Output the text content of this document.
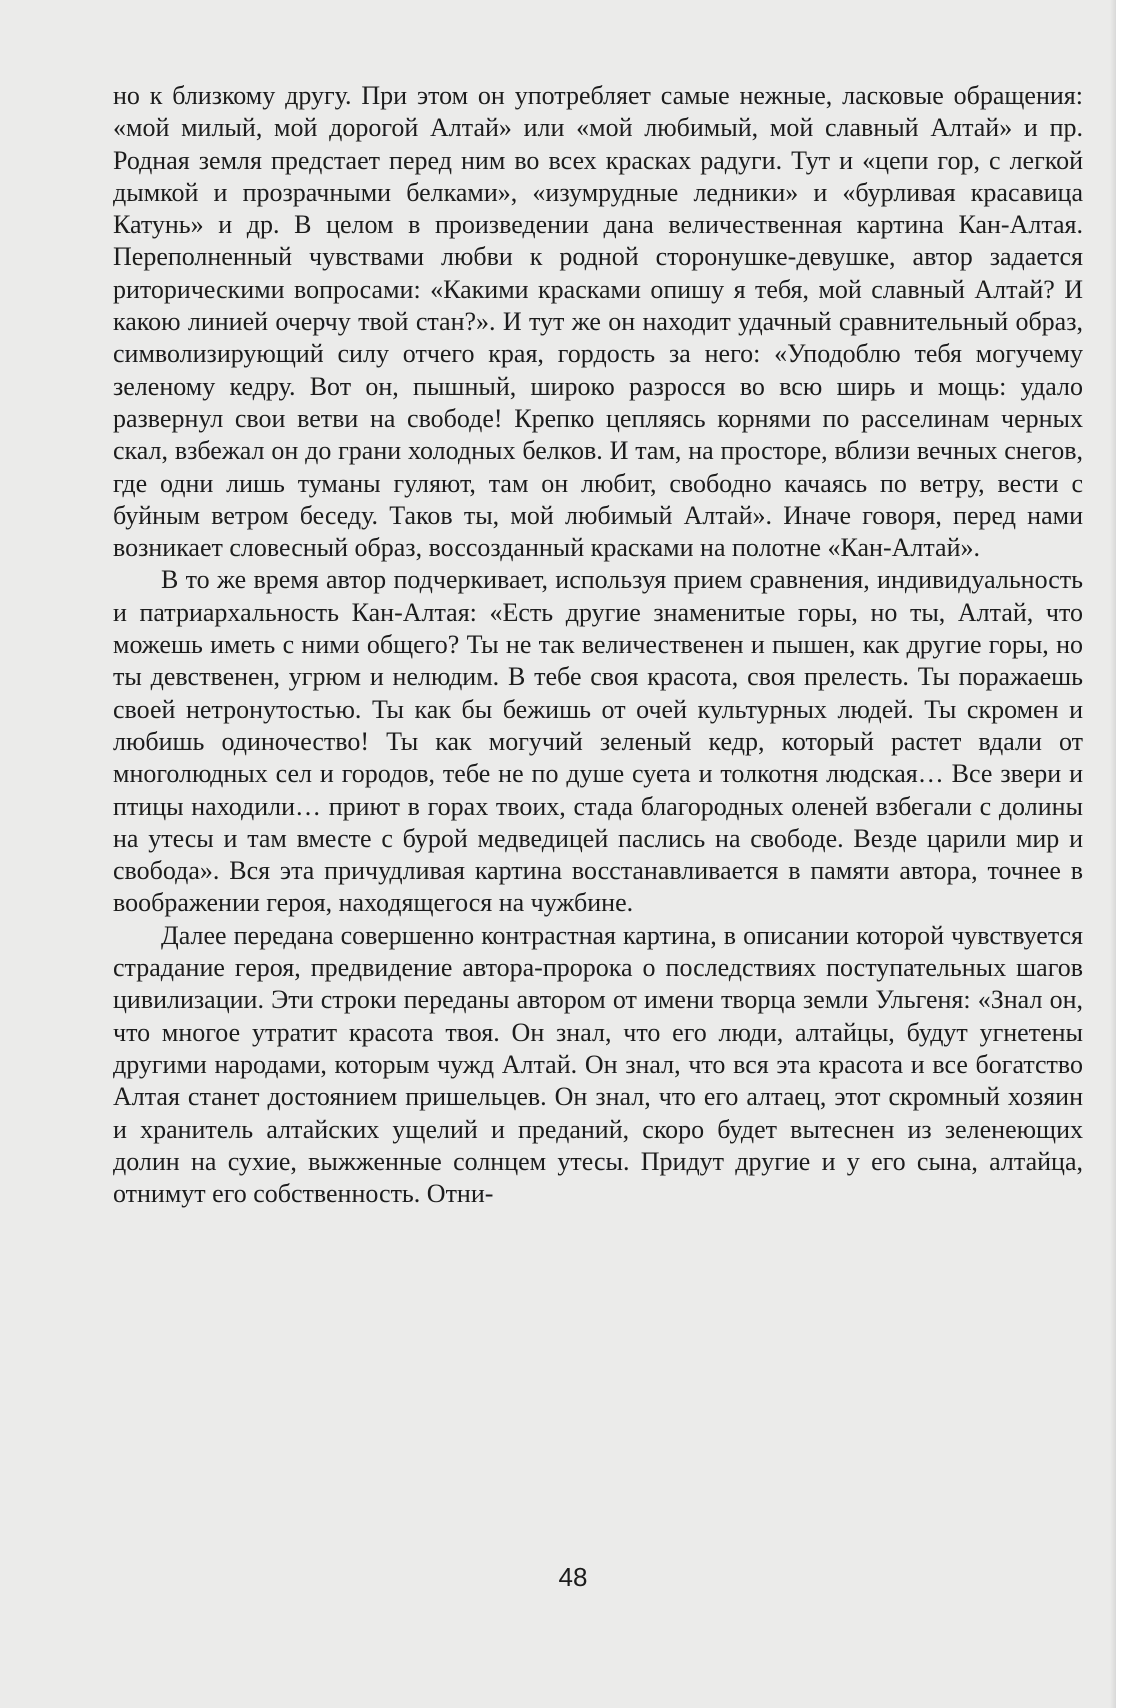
но к близкому другу. При этом он употребляет самые нежные, ласковые обращения: «мой милый, мой дорогой Алтай» или «мой любимый, мой славный Алтай» и пр. Родная земля предстает перед ним во всех красках радуги. Тут и «цепи гор, с легкой дымкой и прозрачными белками», «изумрудные ледники» и «бурливая красавица Катунь» и др. В целом в произведении дана величественная картина Кан-Алтая. Переполненный чувствами любви к родной сторонушке-девушке, автор задается риторическими вопросами: «Какими красками опишу я тебя, мой славный Алтай? И какою линией очерчу твой стан?». И тут же он находит удачный сравнительный образ, символизирующий силу отчего края, гордость за него: «Уподоблю тебя могучему зеленому кедру. Вот он, пышный, широко разросся во всю ширь и мощь: удало развернул свои ветви на свободе! Крепко цепляясь корнями по расселинам черных скал, взбежал он до грани холодных белков. И там, на просторе, вблизи вечных снегов, где одни лишь туманы гуляют, там он любит, свободно качаясь по ветру, вести с буйным ветром беседу. Таков ты, мой любимый Алтай». Иначе говоря, перед нами возникает словесный образ, воссозданный красками на полотне «Кан-Алтай».

В то же время автор подчеркивает, используя прием сравнения, индивидуальность и патриархальность Кан-Алтая: «Есть другие знаменитые горы, но ты, Алтай, что можешь иметь с ними общего? Ты не так величественен и пышен, как другие горы, но ты девственен, угрюм и нелюдим. В тебе своя красота, своя прелесть. Ты поражаешь своей нетронутостью. Ты как бы бежишь от очей культурных людей. Ты скромен и любишь одиночество! Ты как могучий зеленый кедр, который растет вдали от многолюдных сел и городов, тебе не по душе суета и толкотня людская… Все звери и птицы находили… приют в горах твоих, стада благородных оленей взбегали с долины на утесы и там вместе с бурой медведицей паслись на свободе. Везде царили мир и свобода». Вся эта причудливая картина восстанавливается в памяти автора, точнее в воображении героя, находящегося на чужбине.

Далее передана совершенно контрастная картина, в описании которой чувствуется страдание героя, предвидение автора-пророка о последствиях поступательных шагов цивилизации. Эти строки переданы автором от имени творца земли Ульгеня: «Знал он, что многое утратит красота твоя. Он знал, что его люди, алтайцы, будут угнетены другими народами, которым чужд Алтай. Он знал, что вся эта красота и все богатство Алтая станет достоянием пришельцев. Он знал, что его алтаец, этот скромный хозяин и хранитель алтайских ущелий и преданий, скоро будет вытеснен из зеленеющих долин на сухие, выжженные солнцем утесы. Придут другие и у его сына, алтайца, отнимут его собственность. Отни-

48
